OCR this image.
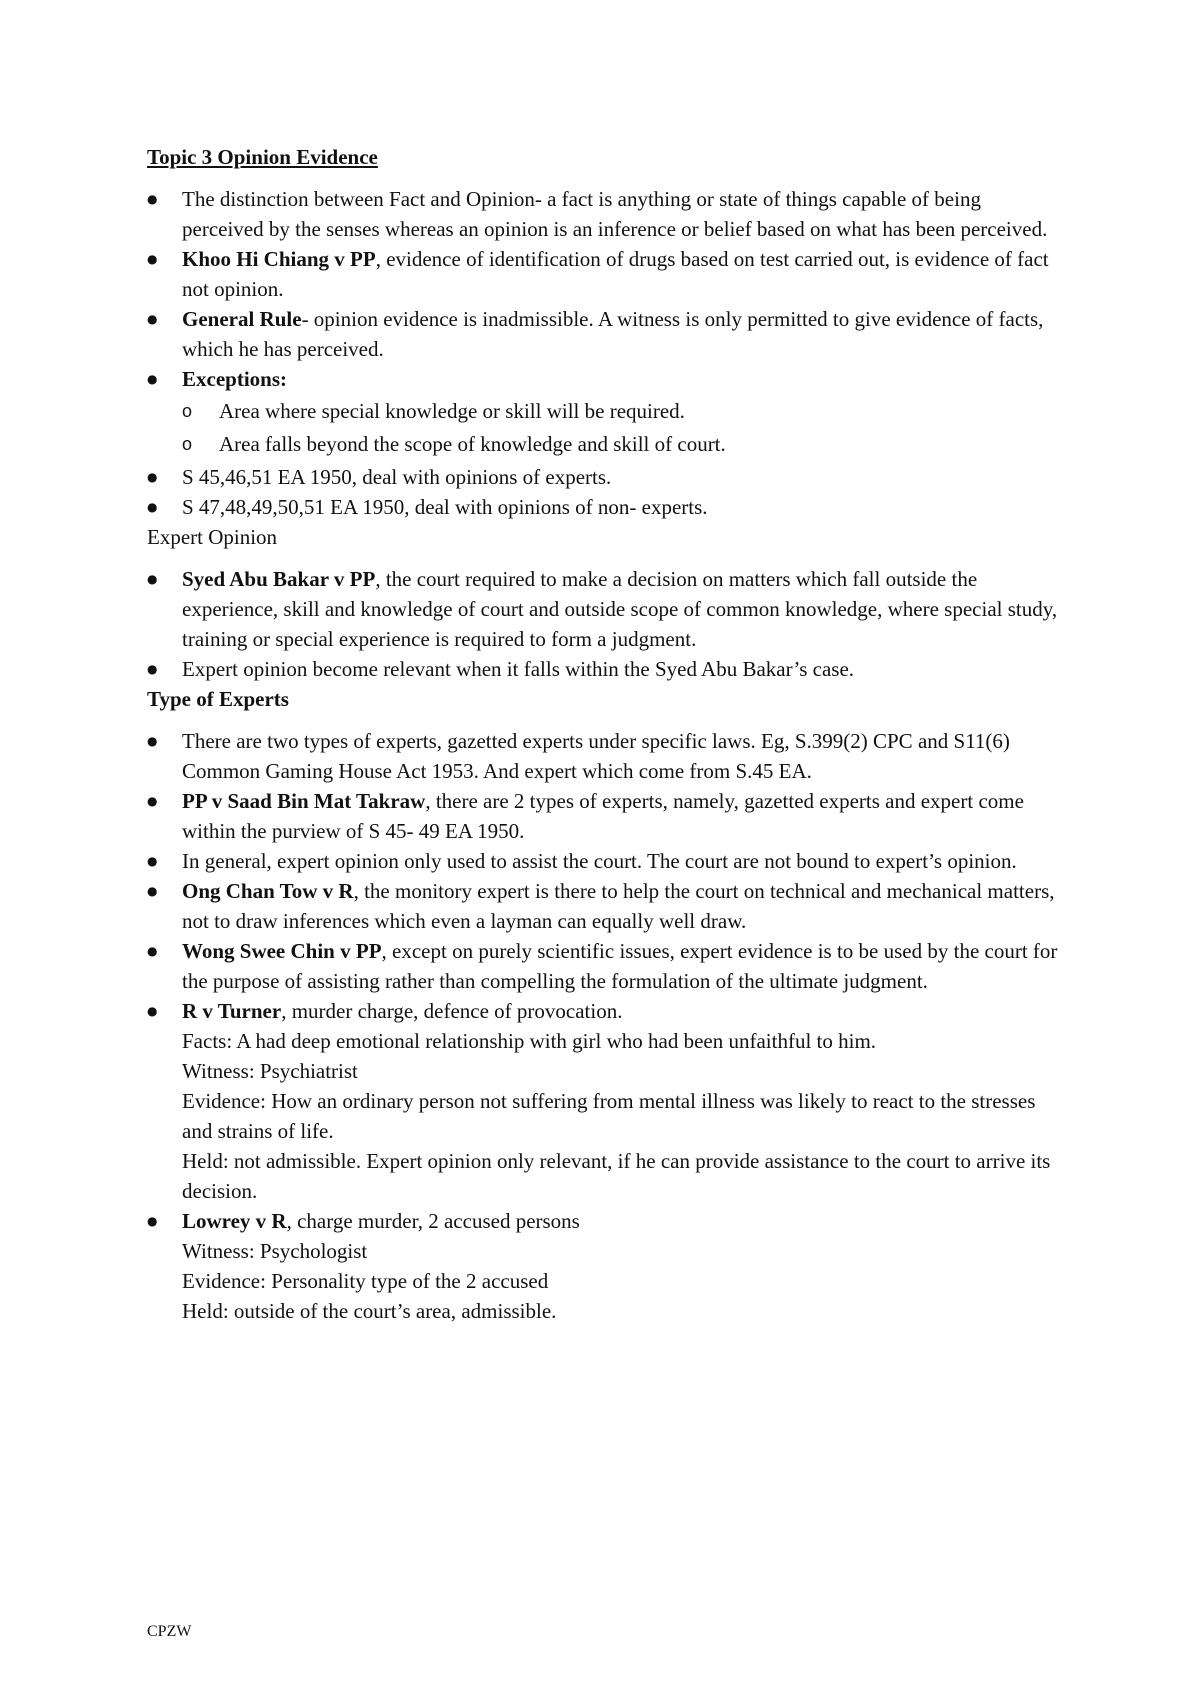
Topic 3 Opinion Evidence
● The distinction between Fact and Opinion- a fact is anything or state of things capable of being perceived by the senses whereas an opinion is an inference or belief based on what has been perceived.
● Khoo Hi Chiang v PP, evidence of identification of drugs based on test carried out, is evidence of fact not opinion.
● General Rule- opinion evidence is inadmissible. A witness is only permitted to give evidence of facts, which he has perceived.
● Exceptions:
o Area where special knowledge or skill will be required.
o Area falls beyond the scope of knowledge and skill of court.
● S 45,46,51 EA 1950, deal with opinions of experts.
● S 47,48,49,50,51 EA 1950, deal with opinions of non- experts.
Expert Opinion
● Syed Abu Bakar v PP, the court required to make a decision on matters which fall outside the experience, skill and knowledge of court and outside scope of common knowledge, where special study, training or special experience is required to form a judgment.
● Expert opinion become relevant when it falls within the Syed Abu Bakar’s case.
Type of Experts
● There are two types of experts, gazetted experts under specific laws. Eg, S.399(2) CPC and S11(6) Common Gaming House Act 1953. And expert which come from S.45 EA.
● PP v Saad Bin Mat Takraw, there are 2 types of experts, namely, gazetted experts and expert come within the purview of S 45- 49 EA 1950.
● In general, expert opinion only used to assist the court. The court are not bound to expert’s opinion.
● Ong Chan Tow v R, the monitory expert is there to help the court on technical and mechanical matters, not to draw inferences which even a layman can equally well draw.
● Wong Swee Chin v PP, except on purely scientific issues, expert evidence is to be used by the court for the purpose of assisting rather than compelling the formulation of the ultimate judgment.
● R v Turner, murder charge, defence of provocation.
Facts: A had deep emotional relationship with girl who had been unfaithful to him.
Witness: Psychiatrist
Evidence: How an ordinary person not suffering from mental illness was likely to react to the stresses and strains of life.
Held: not admissible. Expert opinion only relevant, if he can provide assistance to the court to arrive its decision.
● Lowrey v R, charge murder, 2 accused persons
Witness: Psychologist
Evidence: Personality type of the 2 accused
Held: outside of the court’s area, admissible.
CPZW
